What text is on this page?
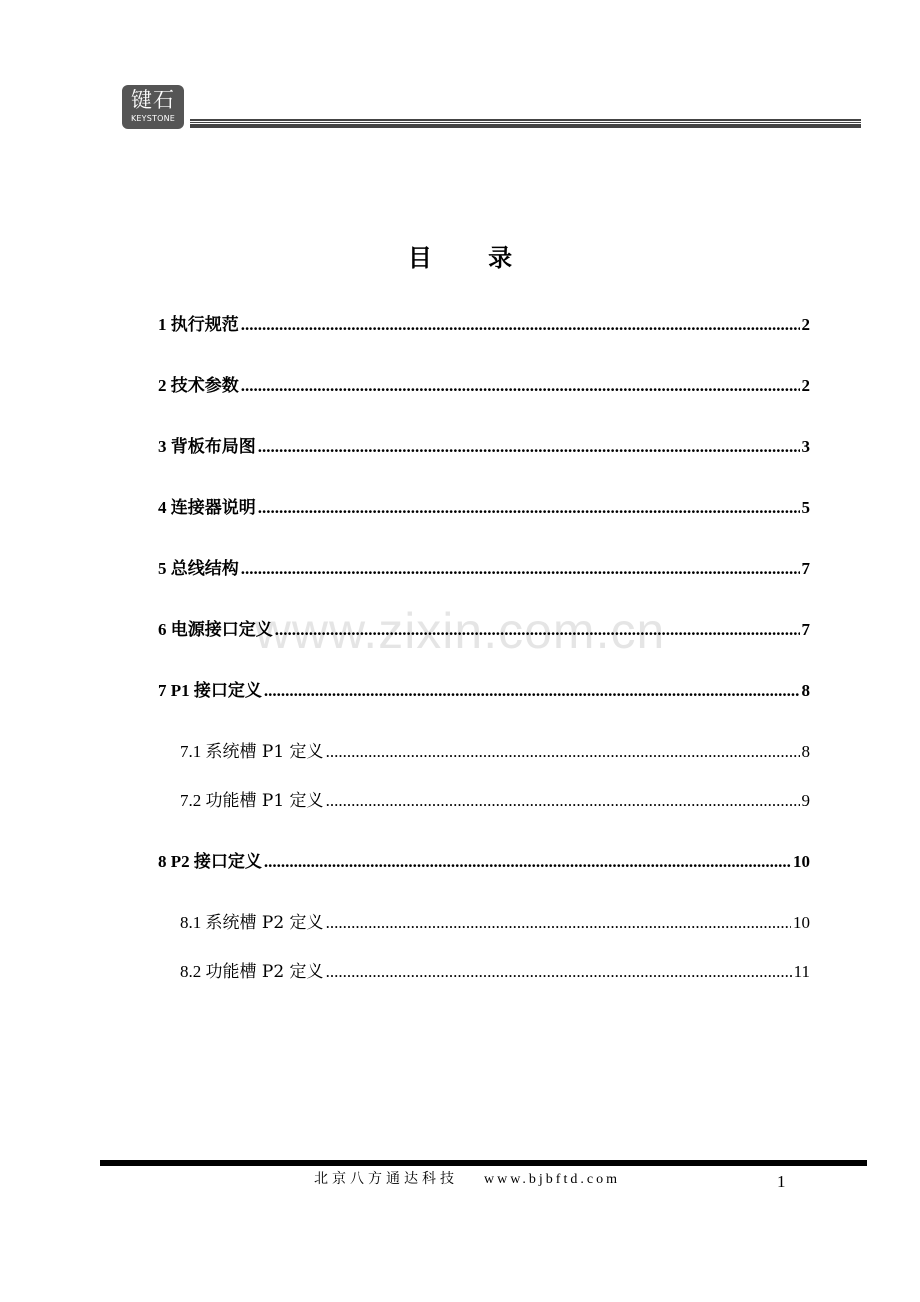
键石
KEYSTONE
目 录
1 执行规范 .....	2
2 技术参数 .....	2
3 背板布局图 .....	3
4 连接器说明 .....	5
5 总线结构 .....	7
6 电源接口定义 .....	7
7 P1 接口定义 .....	8
7.1 系统槽 P1 定义 .....	8
7.2 功能槽 P1 定义 .....	9
8 P2 接口定义 .....	10
8.1 系统槽 P2 定义 .....	10
8.2 功能槽 P2 定义 .....	11
www.zixin.com.cn
北京八方通达科技 www.bjbftd.com	1
